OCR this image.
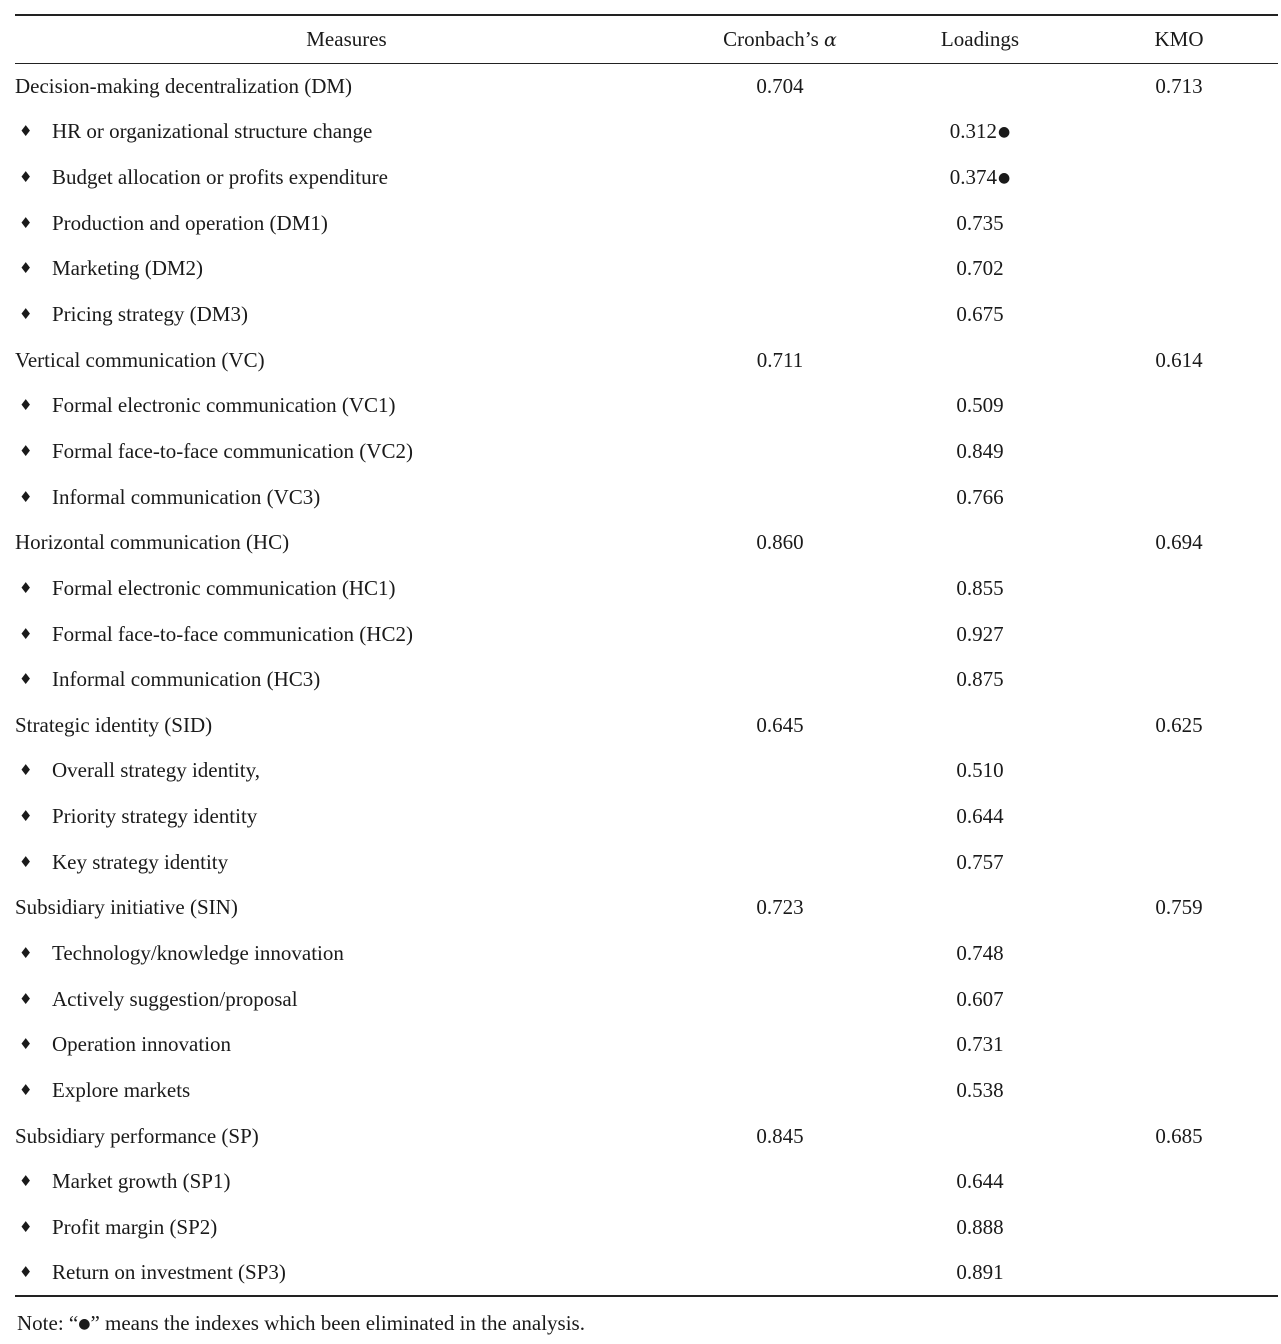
Measures	Cronbach’s α	Loadings	KMO
Decision-making decentralization (DM)	0.704		0.713
♦ HR or organizational structure change		0.312●	
♦ Budget allocation or profits expenditure		0.374●	
♦ Production and operation (DM1)		0.735	
♦ Marketing (DM2)		0.702	
♦ Pricing strategy (DM3)		0.675	
Vertical communication (VC)	0.711		0.614
♦ Formal electronic communication (VC1)		0.509	
♦ Formal face-to-face communication (VC2)		0.849	
♦ Informal communication (VC3)		0.766	
Horizontal communication (HC)	0.860		0.694
♦ Formal electronic communication (HC1)		0.855	
♦ Formal face-to-face communication (HC2)		0.927	
♦ Informal communication (HC3)		0.875	
Strategic identity (SID)	0.645		0.625
♦ Overall strategy identity,		0.510	
♦ Priority strategy identity		0.644	
♦ Key strategy identity		0.757	
Subsidiary initiative (SIN)	0.723		0.759
♦ Technology/knowledge innovation		0.748	
♦ Actively suggestion/proposal		0.607	
♦ Operation innovation		0.731	
♦ Explore markets		0.538	
Subsidiary performance (SP)	0.845		0.685
♦ Market growth (SP1)		0.644	
♦ Profit margin (SP2)		0.888	
♦ Return on investment (SP3)		0.891	
Note: “●” means the indexes which been eliminated in the analysis.
